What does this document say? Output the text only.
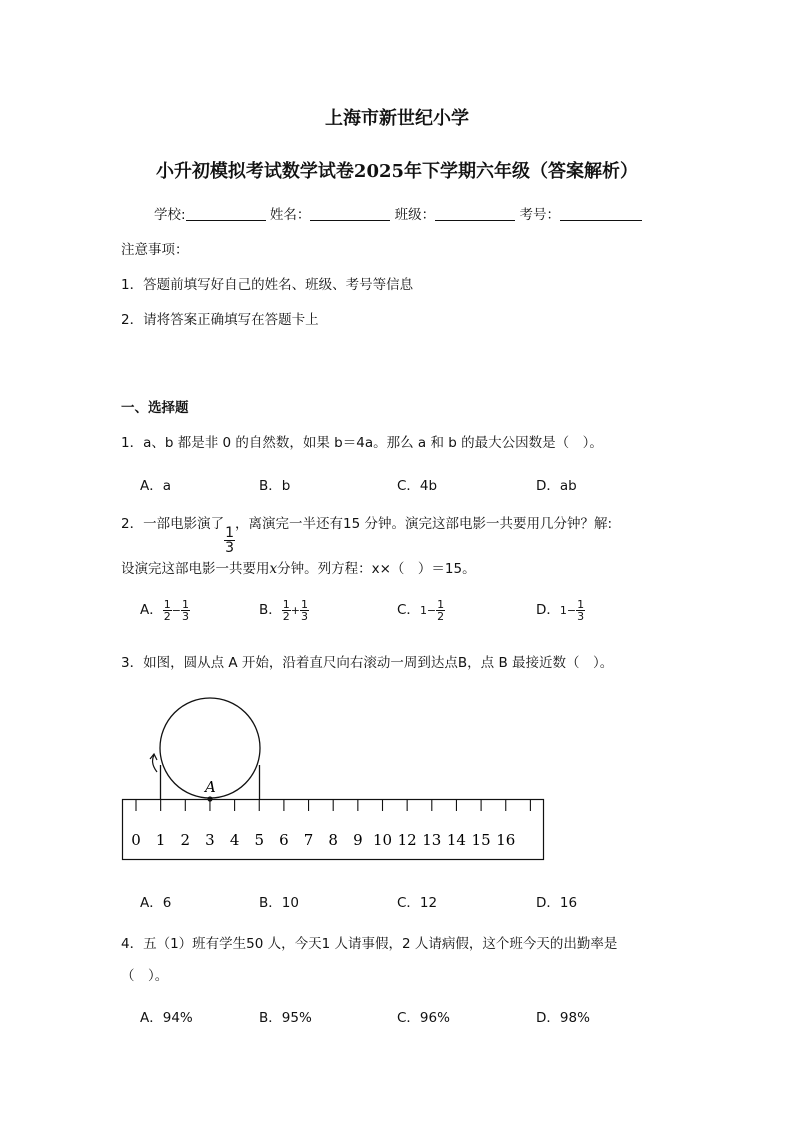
上海市新世纪小学
小升初模拟考试数学试卷2025年下学期六年级（答案解析）
学校:	姓名：	班级：	考号：
注意事项：
1．答题前填写好自己的姓名、班级、考号等信息
2．请将答案正确填写在答题卡上
一、选择题
1．a、b 都是非 0 的自然数，如果 b＝4a。那么 a 和 b 的最大公因数是（　）。
A．a	B．b	C．4b	D．ab
2．一部电影演了
$\frac{1}{3}$
，离演完一半还有15 分钟。演完这部电影一共要用几分钟？解:
设演完这部电影一共要用x分钟。列方程：x×（　）＝15。
A． $\frac{1}{2} - \frac{1}{3}$	B． $\frac{1}{2} + \frac{1}{3}$	C．$1- \frac{1}{2}$	D．$1- \frac{1}{3}$
3．如图，圆从点 A 开始，沿着直尺向右滚动一周到达点B，点 B 最接近数（　）。
A
0 1 2 3 4 5 6 7 8 9 10 12 13 14 15 16
A．6	B．10	C．12	D．16
4．五（1）班有学生50 人，今天1 人请事假，2 人请病假，这个班今天的出勤率是
（　）。
A．94%	B．95%	C．96%	D．98%
